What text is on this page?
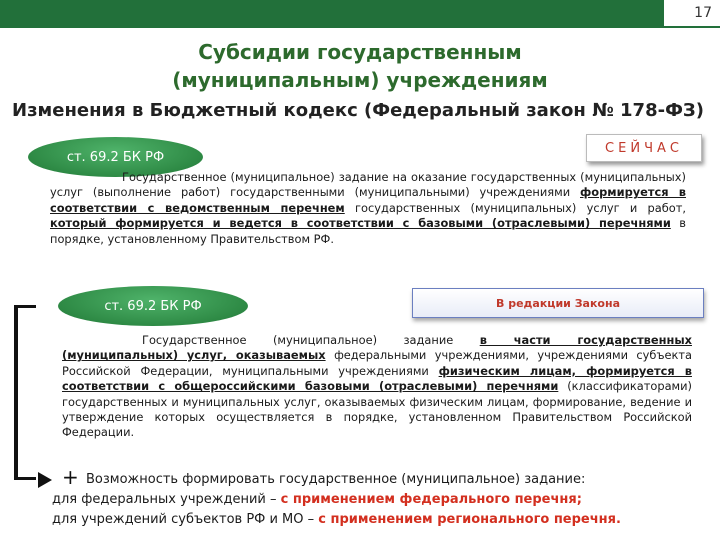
17
Субсидии государственным
(муниципальным) учреждениям
Изменения в Бюджетный кодекс (Федеральный закон № 178-ФЗ)
ст. 69.2 БК РФ
СЕЙЧАС
Государственное (муниципальное) задание на оказание государственных (муниципальных) услуг (выполнение работ) государственными (муниципальными) учреждениями формируется в соответствии с ведомственным перечнем государственных (муниципальных) услуг и работ, который формируется и ведется в соответствии с базовыми (отраслевыми) перечнями в порядке, установленному Правительством РФ.
ст. 69.2 БК РФ	В редакции Закона
Государственное (муниципальное) задание в части государственных (муниципальных) услуг, оказываемых федеральными учреждениями, учреждениями субъекта Российской Федерации, муниципальными учреждениями физическим лицам, формируется в соответствии с общероссийскими базовыми (отраслевыми) перечнями (классификаторами) государственных и муниципальных услуг, оказываемых физическим лицам, формирование, ведение и утверждение которых осуществляется в порядке, установленном Правительством Российской Федерации.
+ Возможность формировать государственное (муниципальное) задание:
для федеральных учреждений – с применением федерального перечня;
для учреждений субъектов РФ и МО – с применением регионального перечня.
